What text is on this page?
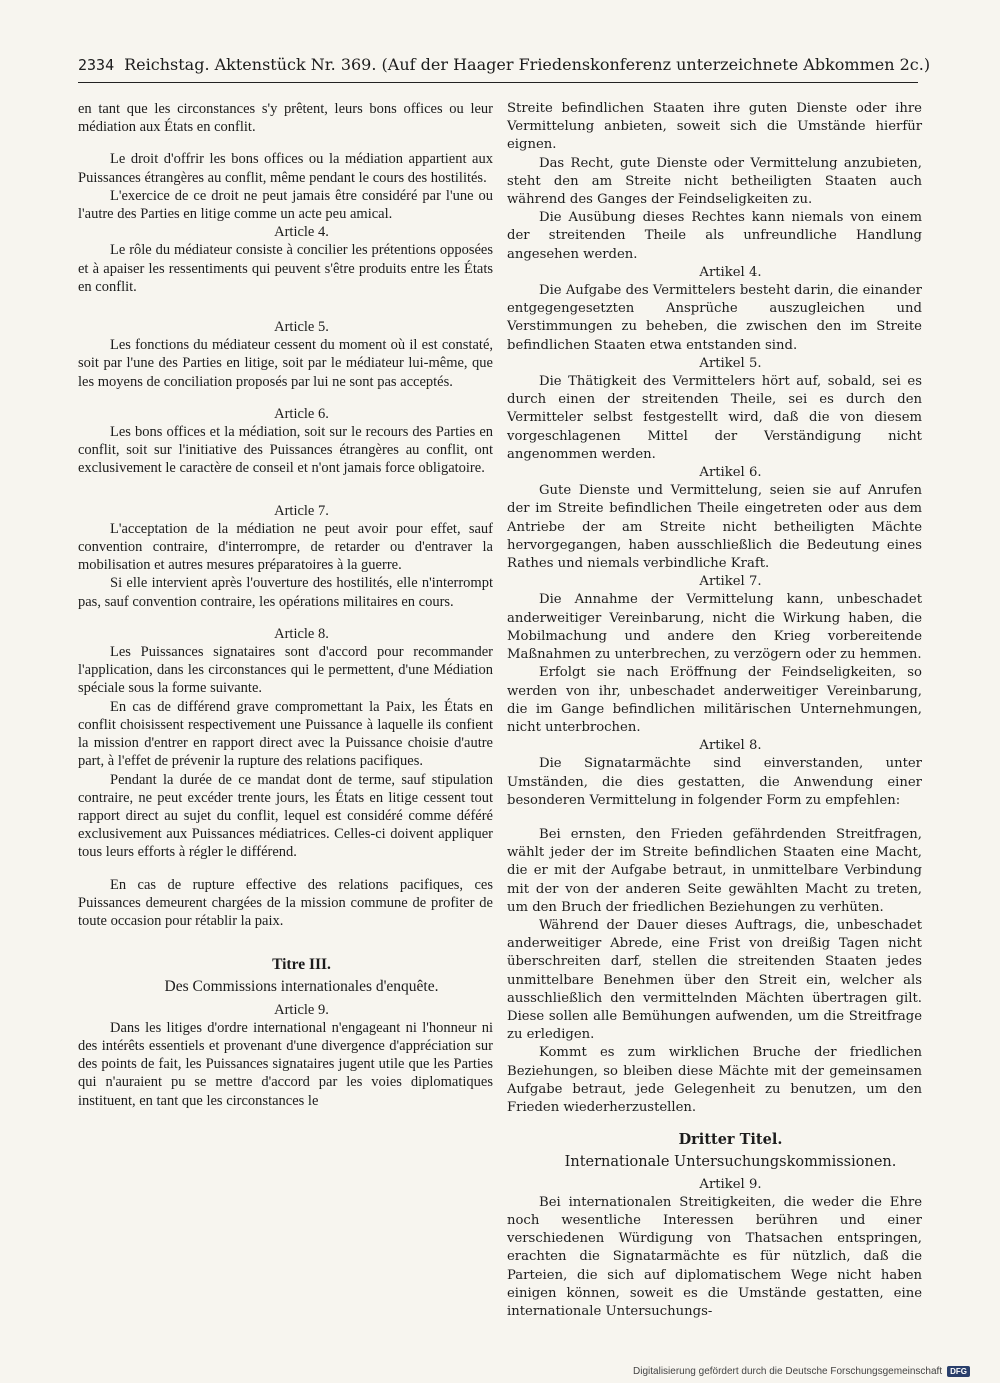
2334 Reichstag. Aktenstück Nr. 369. (Auf der Haager Friedenskonferenz unterzeichnete Abkommen 2c.)

en tant que les circonstances s'y prêtent, leurs bons offices ou leur médiation aux États en conflit.

Le droit d'offrir les bons offices ou la médiation appartient aux Puissances étrangères au conflit, même pendant le cours des hostilités.

L'exercice de ce droit ne peut jamais être considéré par l'une ou l'autre des Parties en litige comme un acte peu amical.

Article 4.

Le rôle du médiateur consiste à concilier les prétentions opposées et à apaiser les ressentiments qui peuvent s'être produits entre les États en conflit.

Article 5.

Les fonctions du médiateur cessent du moment où il est constaté, soit par l'une des Parties en litige, soit par le médiateur lui-même, que les moyens de conciliation proposés par lui ne sont pas acceptés.

Article 6.

Les bons offices et la médiation, soit sur le recours des Parties en conflit, soit sur l'initiative des Puissances étrangères au conflit, ont exclusivement le caractère de conseil et n'ont jamais force obligatoire.

Article 7.

L'acceptation de la médiation ne peut avoir pour effet, sauf convention contraire, d'interrompre, de retarder ou d'entraver la mobilisation et autres mesures préparatoires à la guerre.

Si elle intervient après l'ouverture des hostilités, elle n'interrompt pas, sauf convention contraire, les opérations militaires en cours.

Article 8.

Les Puissances signataires sont d'accord pour recommander l'application, dans les circonstances qui le permettent, d'une Médiation spéciale sous la forme suivante.

En cas de différend grave compromettant la Paix, les États en conflit choisissent respectivement une Puissance à laquelle ils confient la mission d'entrer en rapport direct avec la Puissance choisie d'autre part, à l'effet de prévenir la rupture des relations pacifiques.

Pendant la durée de ce mandat dont de terme, sauf stipulation contraire, ne peut excéder trente jours, les États en litige cessent tout rapport direct au sujet du conflit, lequel est considéré comme déféré exclusivement aux Puissances médiatrices. Celles-ci doivent appliquer tous leurs efforts à régler le différend.

En cas de rupture effective des relations pacifiques, ces Puissances demeurent chargées de la mission commune de profiter de toute occasion pour rétablir la paix.

Titre III.

Des Commissions internationales d'enquête.

Article 9.

Dans les litiges d'ordre international n'engageant ni l'honneur ni des intérêts essentiels et provenant d'une divergence d'appréciation sur des points de fait, les Puissances signataires jugent utile que les Parties qui n'auraient pu se mettre d'accord par les voies diplomatiques instituent, en tant que les circonstances le

Streite befindlichen Staaten ihre guten Dienste oder ihre Vermittelung anbieten, soweit sich die Umstände hierfür eignen.

Das Recht, gute Dienste oder Vermittelung anzubieten, steht den am Streite nicht betheiligten Staaten auch während des Ganges der Feindseligkeiten zu.

Die Ausübung dieses Rechtes kann niemals von einem der streitenden Theile als unfreundliche Handlung angesehen werden.

Artikel 4.

Die Aufgabe des Vermittelers besteht darin, die einander entgegengesetzten Ansprüche auszugleichen und Verstimmungen zu beheben, die zwischen den im Streite befindlichen Staaten etwa entstanden sind.

Artikel 5.

Die Thätigkeit des Vermittelers hört auf, sobald, sei es durch einen der streitenden Theile, sei es durch den Vermitteler selbst festgestellt wird, daß die von diesem vorgeschlagenen Mittel der Verständigung nicht angenommen werden.

Artikel 6.

Gute Dienste und Vermittelung, seien sie auf Anrufen der im Streite befindlichen Theile eingetreten oder aus dem Antriebe der am Streite nicht betheiligten Mächte hervorgegangen, haben ausschließlich die Bedeutung eines Rathes und niemals verbindliche Kraft.

Artikel 7.

Die Annahme der Vermittelung kann, unbeschadet anderweitiger Vereinbarung, nicht die Wirkung haben, die Mobilmachung und andere den Krieg vorbereitende Maßnahmen zu unterbrechen, zu verzögern oder zu hemmen.

Erfolgt sie nach Eröffnung der Feindseligkeiten, so werden von ihr, unbeschadet anderweitiger Vereinbarung, die im Gange befindlichen militärischen Unternehmungen, nicht unterbrochen.

Artikel 8.

Die Signatarmächte sind einverstanden, unter Umständen, die dies gestatten, die Anwendung einer besonderen Vermittelung in folgender Form zu empfehlen:

Bei ernsten, den Frieden gefährdenden Streitfragen, wählt jeder der im Streite befindlichen Staaten eine Macht, die er mit der Aufgabe betraut, in unmittelbare Verbindung mit der von der anderen Seite gewählten Macht zu treten, um den Bruch der friedlichen Beziehungen zu verhüten.

Während der Dauer dieses Auftrags, die, unbeschadet anderweitiger Abrede, eine Frist von dreißig Tagen nicht überschreiten darf, stellen die streitenden Staaten jedes unmittelbare Benehmen über den Streit ein, welcher als ausschließlich den vermittelnden Mächten übertragen gilt. Diese sollen alle Bemühungen aufwenden, um die Streitfrage zu erledigen.

Kommt es zum wirklichen Bruche der friedlichen Beziehungen, so bleiben diese Mächte mit der gemeinsamen Aufgabe betraut, jede Gelegenheit zu benutzen, um den Frieden wiederherzustellen.

Dritter Titel.

Internationale Untersuchungskommissionen.

Artikel 9.

Bei internationalen Streitigkeiten, die weder die Ehre noch wesentliche Interessen berühren und einer verschiedenen Würdigung von Thatsachen entspringen, erachten die Signatarmächte es für nützlich, daß die Parteien, die sich auf diplomatischem Wege nicht haben einigen können, soweit es die Umstände gestatten, eine internationale Untersuchungs-

Digitalisierung gefördert durch die Deutsche Forschungsgemeinschaft	DFG
